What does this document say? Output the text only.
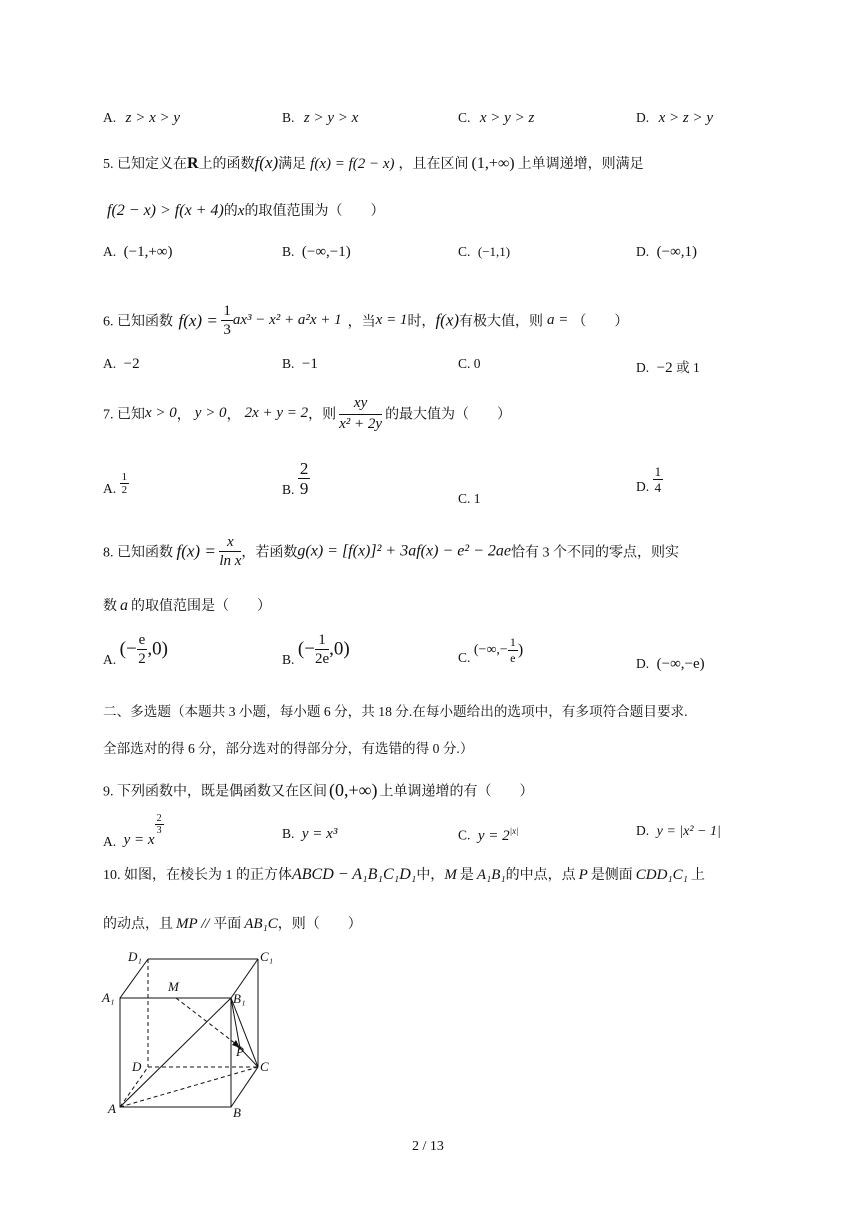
A. z > x > y	B. z > y > x	C. x > y > z	D. x > z > y
5. 已知定义在R上的函数f(x)满足 f(x) = f(2 − x) ，且在区间 (1,+∞) 上单调递增，则满足
f(2 − x) > f(x + 4)的x的取值范围为（　　）
A. (−1,+∞)	B. (−∞,−1)	C. (−1,1)	D. (−∞,1)
6. 已知函数 $f(x) = \frac{1}{3} ax^3 - x^2 + a^2x + 1$ ，当x = 1时，f(x)有极大值，则 a = （　　）
A. −2	B. −1	C. 0	D. −2 或 1
7. 已知x > 0， y > 0， 2x + y = 2，则 $\frac{xy}{\text{x² + 2y}}$ 的最大值为（　　）
A. $\frac{1}{2}$	B. $\frac{2}{9}$
C. 1
D. $\frac{1}{4}$
8. 已知函数 $f(x) = \frac{x}{\text{ln x}}$ ，若函数g(x) = [f(x)]² + 3af(x) − e² − 2ae恰有 3 个不同的零点，则实
数 a 的取值范围是（　　）
A. (− $\frac{e}{2} ,0$)	B. (− $\frac{1}{2e} ,0$)	C. (−∞,− $\frac{1}{e}$ )
D. (−∞,−e)
二、多选题（本题共 3 小题，每小题 6 分，共 18 分.在每小题给出的选项中，有多项符合题目要求.
全部选对的得 6 分，部分选对的得部分分，有选错的得 0 分.）
9. 下列函数中，既是偶函数又在区间 (0,+∞) 上单调递增的有（　　）
A. y = x
$\frac{2}{3}$	B. y = x³	C. $y = 2^{|x|}$	D. y = |x² − 1|
10. 如图，在棱长为 1 的正方体ABCD − A₁B₁C₁D₁中，M 是 A₁B₁的中点，点 P 是侧面 CDD₁C₁ 上
的动点，且 MP // 平面 AB₁C，则（　　）
D₁	C₁
A₁
M
B₁
P
D	C
A	B
2 / 13
